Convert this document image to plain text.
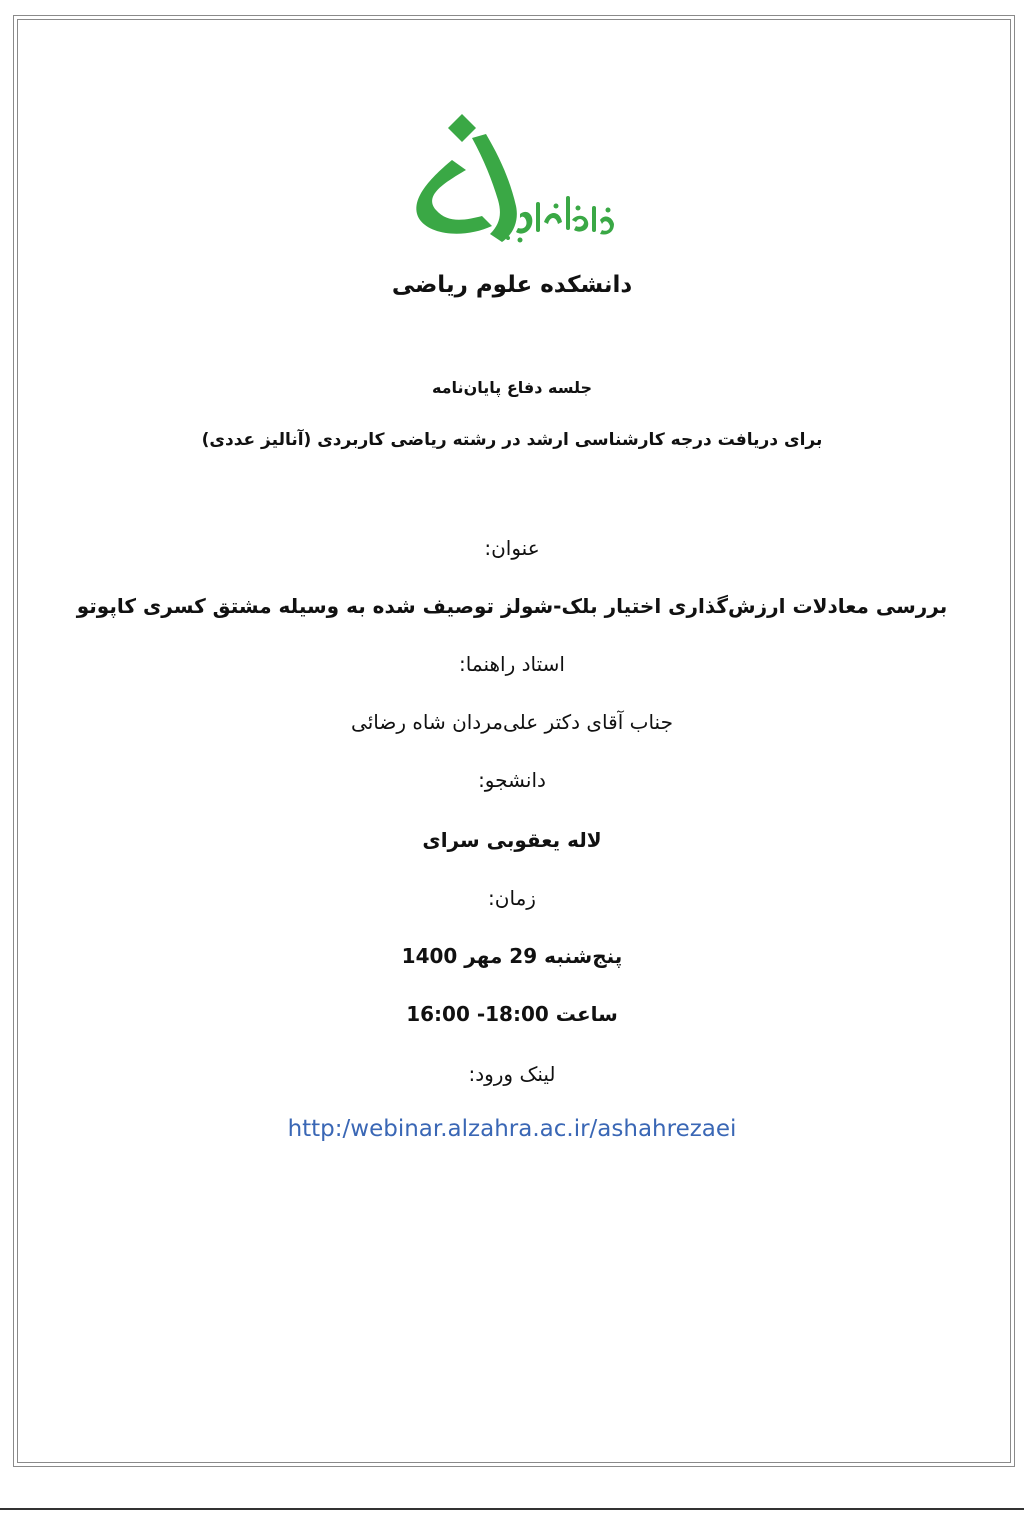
دانشکده علوم ریاضی
جلسه دفاع پایان‌نامه
برای دریافت درجه کارشناسی ارشد در رشته ریاضی کاربردی (آنالیز عددی)
عنوان:
بررسی معادلات ارزش‌گذاری اختیار بلک-شولز توصیف شده به وسیله مشتق کسری کاپوتو
استاد راهنما:
جناب آقای دکتر علی‌مردان شاه رضائی
دانشجو:
لاله یعقوبی سرای
زمان:
پنج‌شنبه 29 مهر 1400
ساعت 18:00- 16:00
لینک ورود:
http:/webinar.alzahra.ac.ir/ashahrezaei
